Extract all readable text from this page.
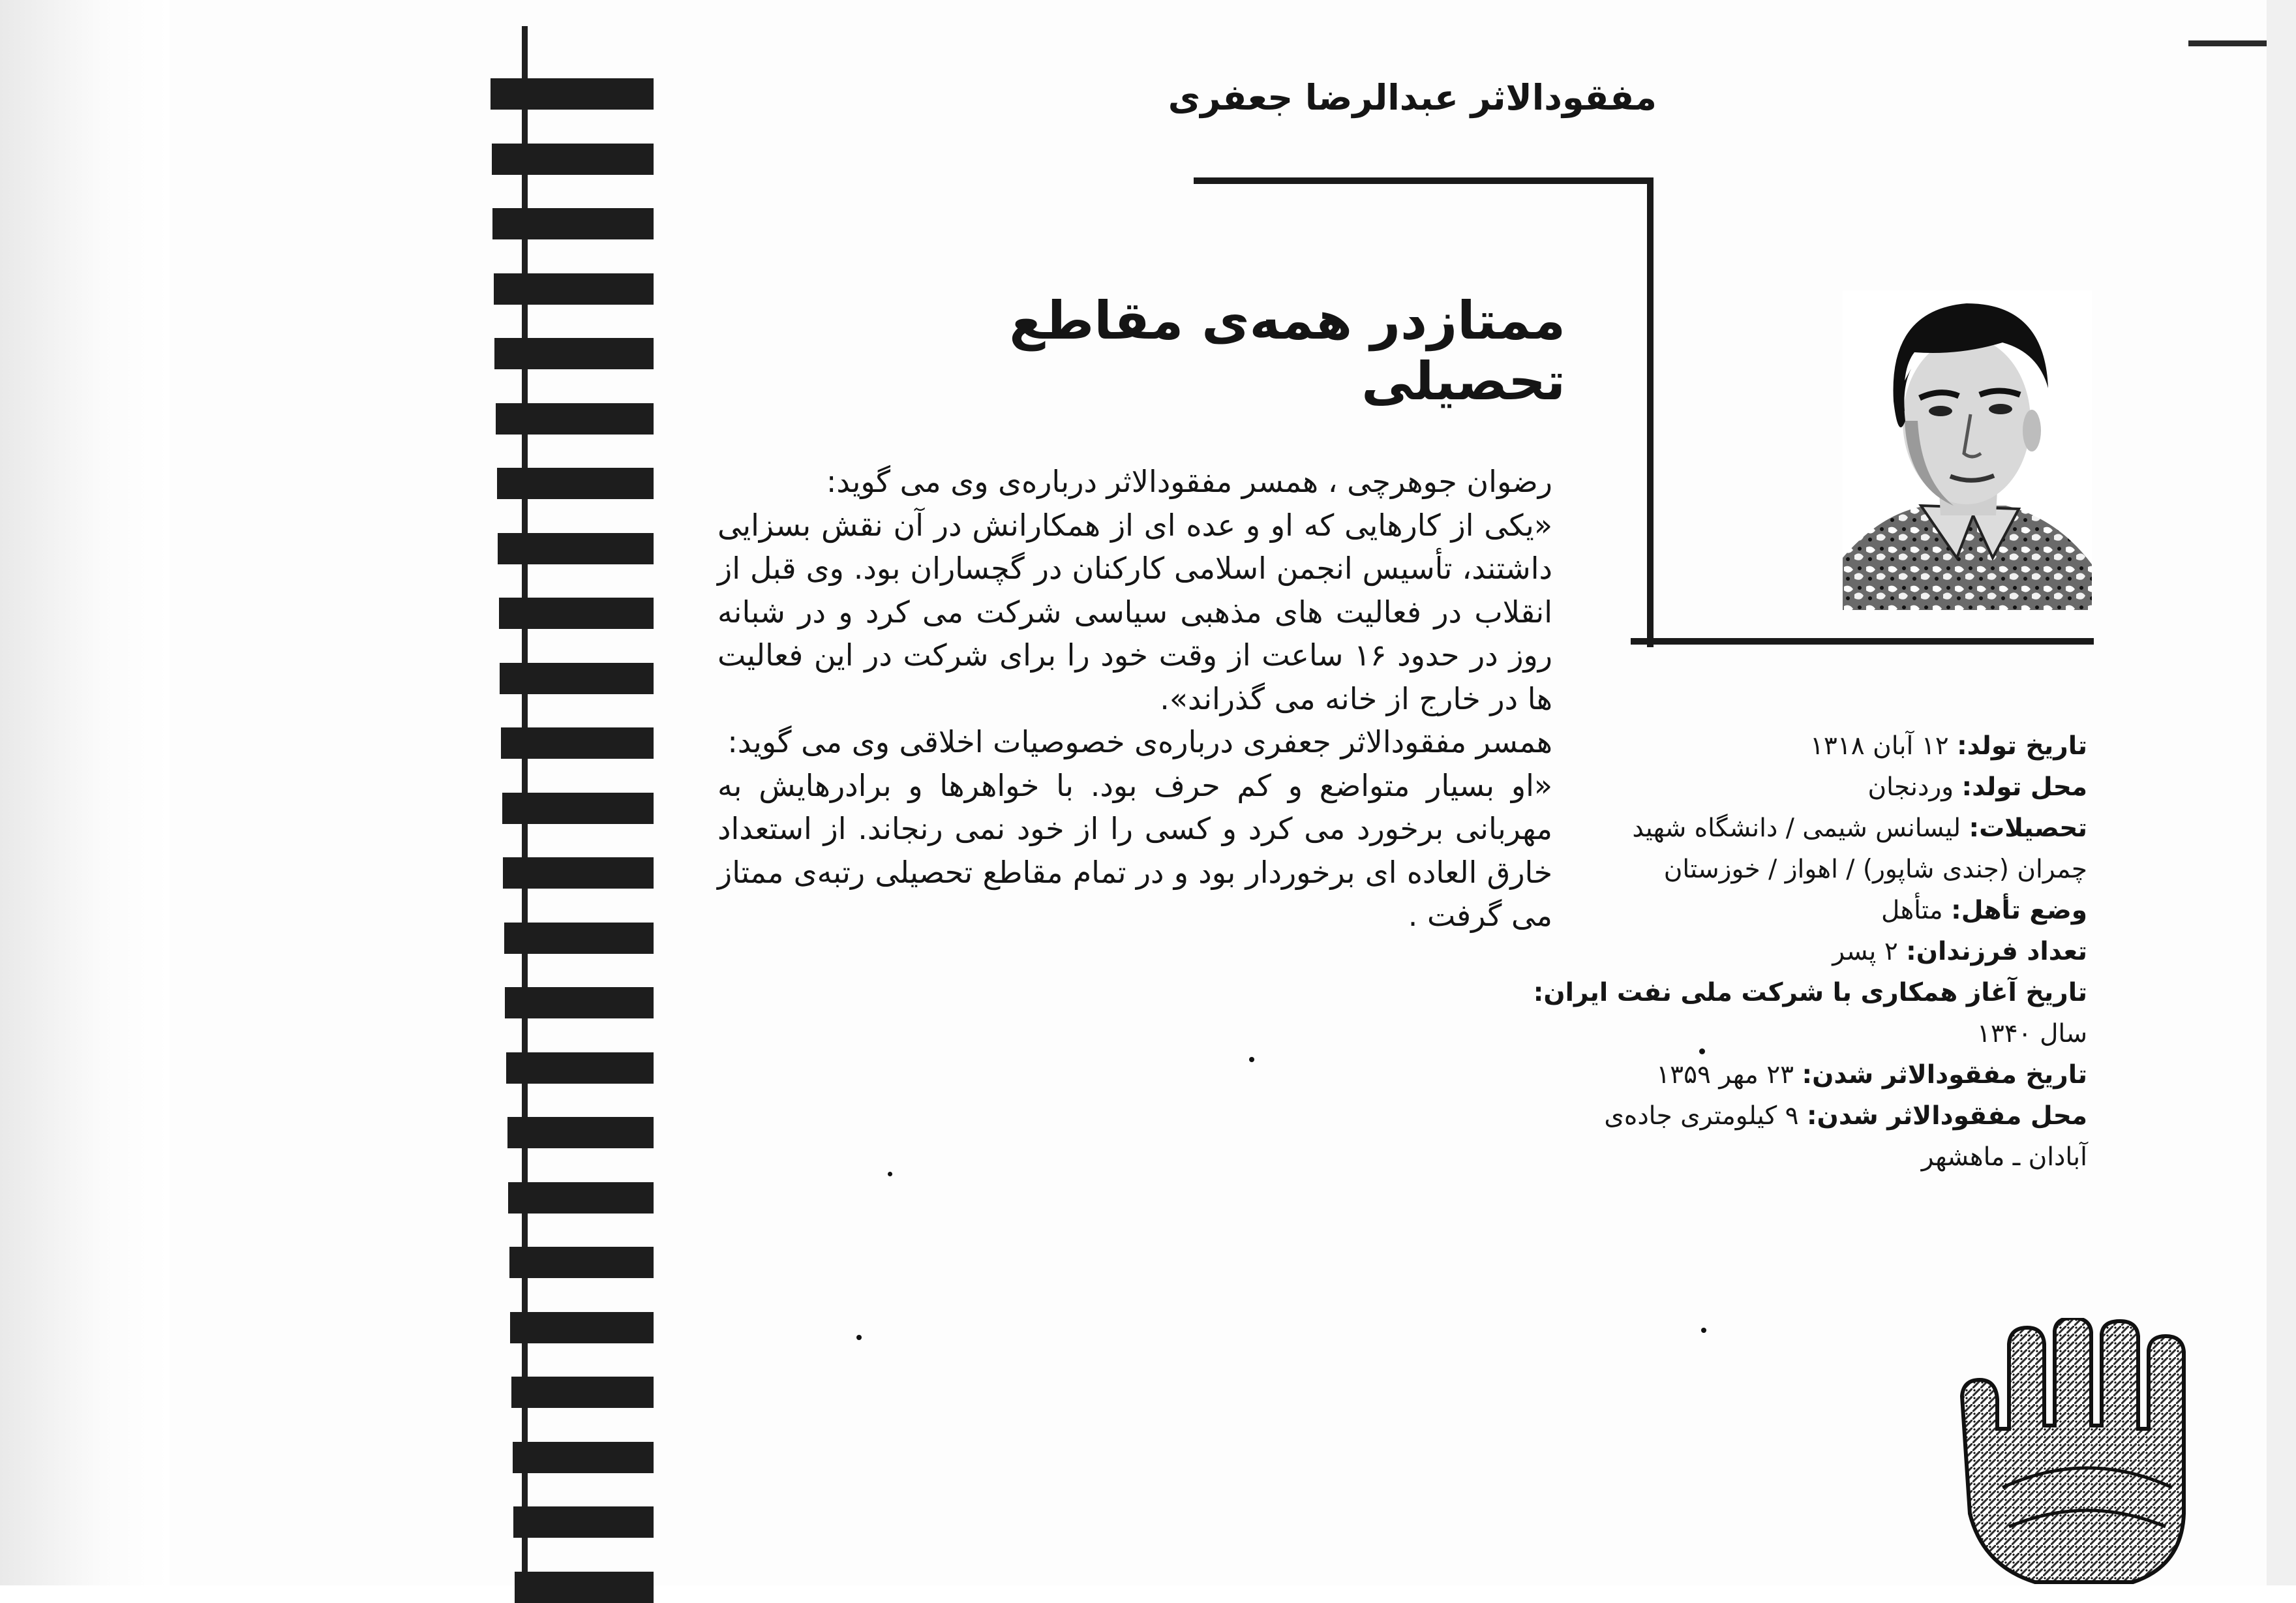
مفقودالاثر عبدالرضا جعفری
ممتازدر همه‌ی مقاطع تحصیلی

رضوان جوهرچی ، همسر مفقودالاثر درباره‌ی وی می گوید:

«یکی از کارهایی که او و عده ای از همکارانش در آن نقش بسزایی داشتند، تأسیس انجمن اسلامی کارکنان در گچساران بود. وی قبل از انقلاب در فعالیت های مذهبی سیاسی شرکت می کرد و در شبانه روز در حدود ۱۶ ساعت از وقت خود را برای شرکت در این فعالیت ها در خارج از خانه می گذراند».

همسر مفقودالاثر جعفری درباره‌ی خصوصیات اخلاقی وی می گوید:

«او بسیار متواضع و کم حرف بود. با خواهرها و برادرهایش به مهربانی برخورد می کرد و کسی را از خود نمی رنجاند. از استعداد خارق العاده ای برخوردار بود و در تمام مقاطع تحصیلی رتبه‌ی ممتاز می گرفت .

تاریخ تولد: ۱۲ آبان ۱۳۱۸
محل تولد: وردنجان
تحصیلات: لیسانس شیمی / دانشگاه شهید
چمران (جندی شاپور) / اهواز / خوزستان
وضع تأهل: متأهل
تعداد فرزندان: ۲ پسر
تاریخ آغاز همکاری با شرکت ملی نفت ایران:
سال ۱۳۴۰
تاریخ مفقودالاثر شدن: ۲۳ مهر ۱۳۵۹
محل مفقودالاثر شدن: ۹ کیلومتری جاده‌ی
آبادان ـ ماهشهر
